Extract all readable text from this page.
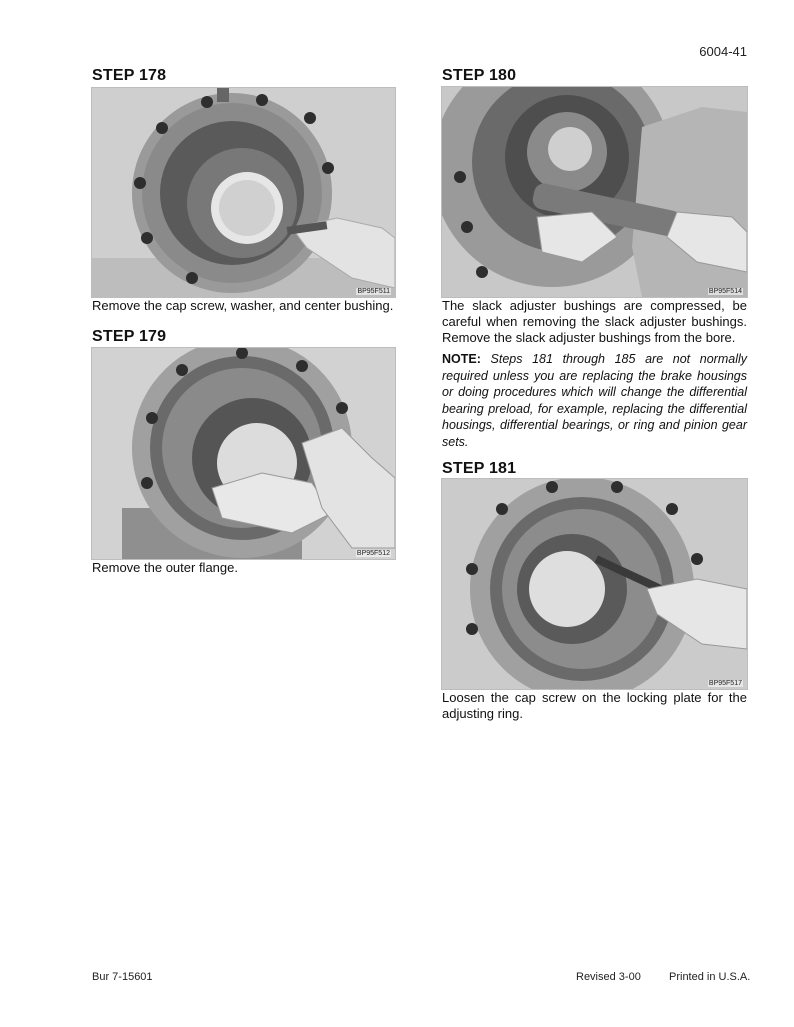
6004-41
STEP 178
BP95F511
Remove the cap screw, washer, and center bushing.
STEP 179
BP95F512
Remove the outer flange.
STEP 180
BP95F514
The slack adjuster bushings are compressed, be careful when removing the slack adjuster bushings. Remove the slack adjuster bushings from the bore.
NOTE: Steps 181 through 185 are not normally required unless you are replacing the brake housings or doing procedures which will change the differential bearing preload, for example, replacing the differential housings, differential bearings, or ring and pinion gear sets.
STEP 181
BP95F517
Loosen the cap screw on the locking plate for the adjusting ring.
Bur 7-15601	Revised 3-00	Printed in U.S.A.
